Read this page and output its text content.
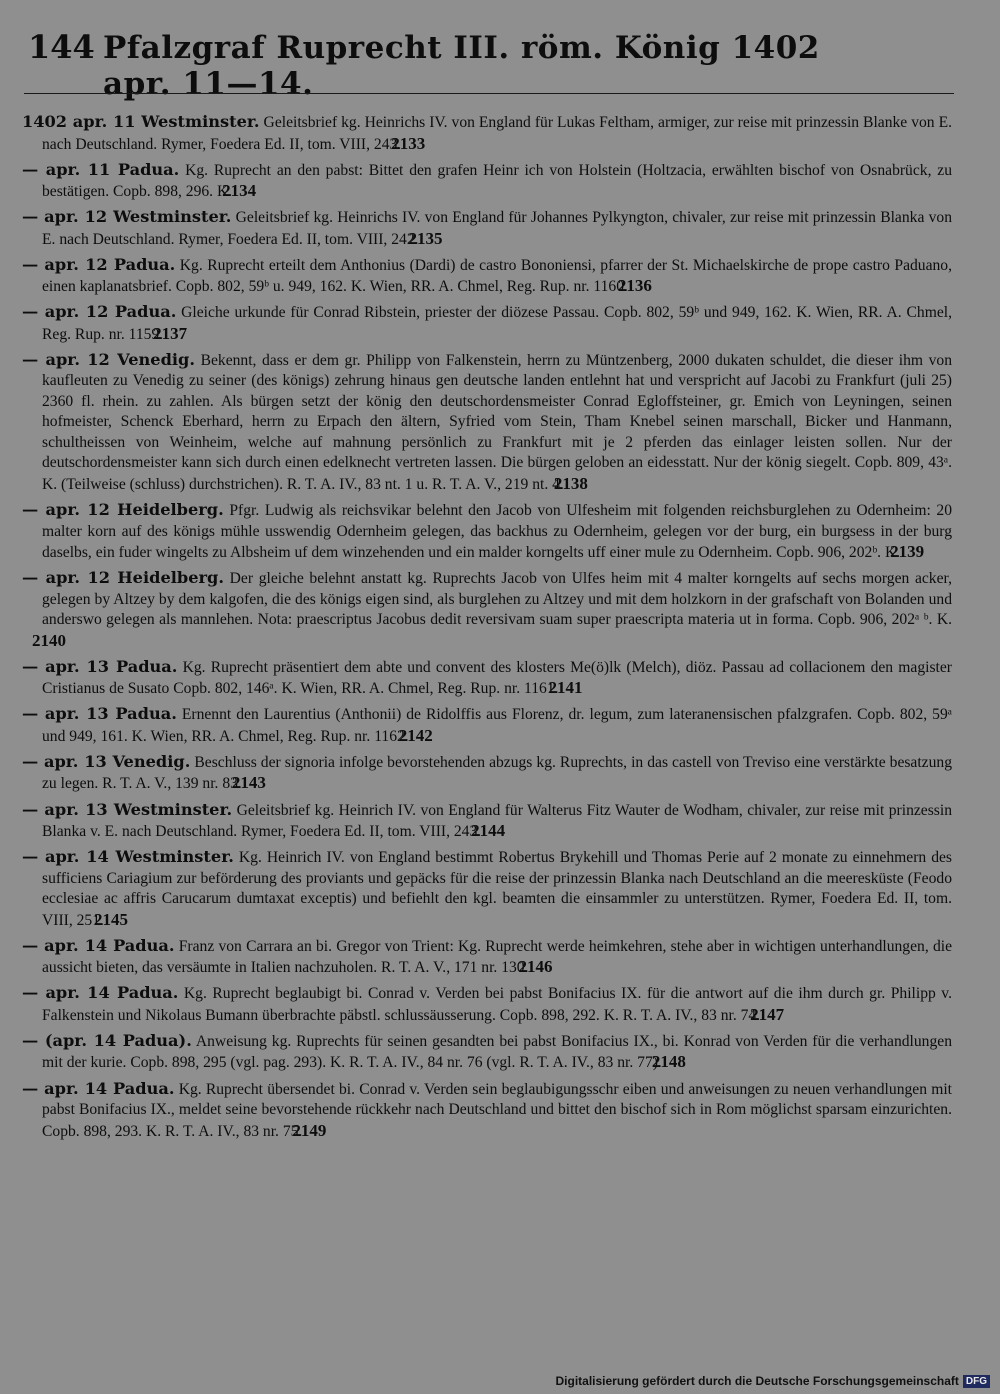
144 Pfalzgraf Ruprecht III. röm. König 1402 apr. 11—14.

1402 apr. 11 Westminster. Geleitsbrief kg. Heinrichs IV. von England für Lukas Feltham, armiger, zur reise mit prinzessin Blanke von E. nach Deutschland. Rymer, Foedera Ed. II, tom. VIII, 243.2133

— apr. 11 Padua. Kg. Ruprecht an den pabst: Bittet den grafen Heinr ich von Holstein (Holtzacia, erwählten bischof von Osnabrück, zu bestätigen. Copb. 898, 296. K.2134

— apr. 12 Westminster. Geleitsbrief kg. Heinrichs IV. von England für Johannes Pylkyngton, chivaler, zur reise mit prinzessin Blanka von E. nach Deutschland. Rymer, Foedera Ed. II, tom. VIII, 242.2135

— apr. 12 Padua. Kg. Ruprecht erteilt dem Anthonius (Dardi) de castro Bononiensi, pfarrer der St. Michaelskirche de prope castro Paduano, einen kaplanatsbrief. Copb. 802, 59ᵇ u. 949, 162. K. Wien, RR. A. Chmel, Reg. Rup. nr. 1160.2136

— apr. 12 Padua. Gleiche urkunde für Conrad Ribstein, priester der diözese Passau. Copb. 802, 59ᵇ und 949, 162. K. Wien, RR. A. Chmel, Reg. Rup. nr. 1159.2137

— apr. 12 Venedig. Bekennt, dass er dem gr. Philipp von Falkenstein, herrn zu Müntzenberg, 2000 dukaten schuldet, die dieser ihm von kaufleuten zu Venedig zu seiner (des königs) zehrung hinaus gen deutsche landen entlehnt hat und verspricht auf Jacobi zu Frankfurt (juli 25) 2360 fl. rhein. zu zahlen. Als bürgen setzt der könig den deutschordensmeister Conrad Egloffsteiner, gr. Emich von Leyningen, seinen hofmeister, Schenck Eberhard, herrn zu Erpach den ältern, Syfried vom Stein, Tham Knebel seinen marschall, Bicker und Hanmann, schultheissen von Weinheim, welche auf mahnung persönlich zu Frankfurt mit je 2 pferden das einlager leisten sollen. Nur der deutschordensmeister kann sich durch einen edelknecht vertreten lassen. Die bürgen geloben an eidesstatt. Nur der könig siegelt. Copb. 809, 43ᵃ. K. (Teilweise (schluss) durchstrichen). R. T. A. IV., 83 nt. 1 u. R. T. A. V., 219 nt. 4.2138

— apr. 12 Heidelberg. Pfgr. Ludwig als reichsvikar belehnt den Jacob von Ulfesheim mit folgenden reichsburglehen zu Odernheim: 20 malter korn auf des königs mühle usswendig Odernheim gelegen, das backhus zu Odernheim, gelegen vor der burg, ein burgsess in der burg daselbs, ein fuder wingelts zu Albsheim uf dem winzehenden und ein malder korngelts uff einer mule zu Odernheim. Copb. 906, 202ᵇ. K.2139

— apr. 12 Heidelberg. Der gleiche belehnt anstatt kg. Ruprechts Jacob von Ulfes heim mit 4 malter korngelts auf sechs morgen acker, gelegen by Altzey by dem kalgofen, die des königs eigen sind, als burglehen zu Altzey und mit dem holzkorn in der grafschaft von Bolanden und anderswo gelegen als mannlehen. Nota: praescriptus Jacobus dedit reversivam suam super praescripta materia ut in forma. Copb. 906, 202ᵃ ᵇ. K.2140

— apr. 13 Padua. Kg. Ruprecht präsentiert dem abte und convent des klosters Me(ö)lk (Melch), diöz. Passau ad collacionem den magister Cristianus de Susato Copb. 802, 146ᵃ. K. Wien, RR. A. Chmel, Reg. Rup. nr. 1161.2141

— apr. 13 Padua. Ernennt den Laurentius (Anthonii) de Ridolffis aus Florenz, dr. legum, zum lateranensischen pfalzgrafen. Copb. 802, 59ᵃ und 949, 161. K. Wien, RR. A. Chmel, Reg. Rup. nr. 1162.2142

— apr. 13 Venedig. Beschluss der signoria infolge bevorstehenden abzugs kg. Ruprechts, in das castell von Treviso eine verstärkte besatzung zu legen. R. T. A. V., 139 nr. 83.2143

— apr. 13 Westminster. Geleitsbrief kg. Heinrich IV. von England für Walterus Fitz Wauter de Wodham, chivaler, zur reise mit prinzessin Blanka v. E. nach Deutschland. Rymer, Foedera Ed. II, tom. VIII, 243.2144

— apr. 14 Westminster. Kg. Heinrich IV. von England bestimmt Robertus Brykehill und Thomas Perie auf 2 monate zu einnehmern des sufficiens Cariagium zur beförderung des proviants und gepäcks für die reise der prinzessin Blanka nach Deutschland an die meeresküste (Feodo ecclesiae ac affris Carucarum dumtaxat exceptis) und befiehlt den kgl. beamten die einsammler zu unterstützen. Rymer, Foedera Ed. II, tom. VIII, 251.2145

— apr. 14 Padua. Franz von Carrara an bi. Gregor von Trient: Kg. Ruprecht werde heimkehren, stehe aber in wichtigen unterhandlungen, die aussicht bieten, das versäumte in Italien nachzuholen. R. T. A. V., 171 nr. 130.2146

— apr. 14 Padua. Kg. Ruprecht beglaubigt bi. Conrad v. Verden bei pabst Bonifacius IX. für die antwort auf die ihm durch gr. Philipp v. Falkenstein und Nikolaus Bumann überbrachte päbstl. schlussäusserung. Copb. 898, 292. K. R. T. A. IV., 83 nr. 74.2147

— (apr. 14 Padua). Anweisung kg. Ruprechts für seinen gesandten bei pabst Bonifacius IX., bi. Konrad von Verden für die verhandlungen mit der kurie. Copb. 898, 295 (vgl. pag. 293). K. R. T. A. IV., 84 nr. 76 (vgl. R. T. A. IV., 83 nr. 77).2148

— apr. 14 Padua. Kg. Ruprecht übersendet bi. Conrad v. Verden sein beglaubigungsschr eiben und anweisungen zu neuen verhandlungen mit pabst Bonifacius IX., meldet seine bevorstehende rückkehr nach Deutschland und bittet den bischof sich in Rom möglichst sparsam einzurichten. Copb. 898, 293. K. R. T. A. IV., 83 nr. 75.2149

Digitalisierung gefördert durch die Deutsche Forschungsgemeinschaft DFG
